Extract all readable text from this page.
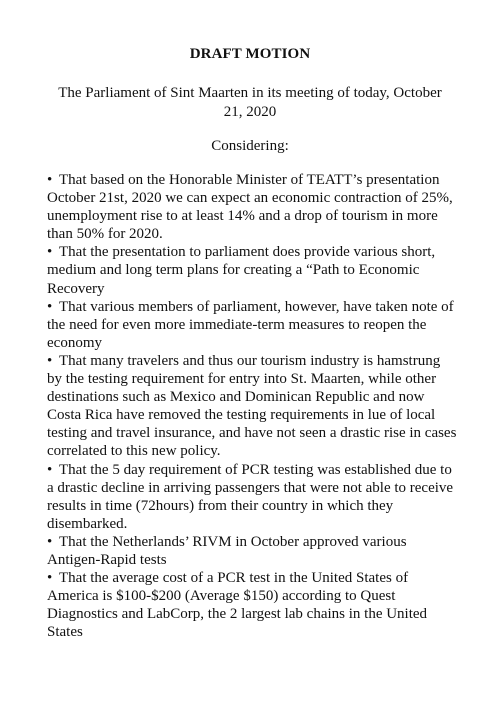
DRAFT MOTION
The Parliament of Sint Maarten in its meeting of today, October 21, 2020
Considering:

• That based on the Honorable Minister of TEATT’s presentation October 21st, 2020 we can expect an economic contraction of 25%, unemployment rise to at least 14% and a drop of tourism in more than 50% for 2020.

• That the presentation to parliament does provide various short, medium and long term plans for creating a “Path to Economic Recovery

• That various members of parliament, however, have taken note of the need for even more immediate-term measures to reopen the economy

• That many travelers and thus our tourism industry is hamstrung by the testing requirement for entry into St. Maarten, while other destinations such as Mexico and Dominican Republic and now Costa Rica have removed the testing requirements in lue of local testing and travel insurance, and have not seen a drastic rise in cases correlated to this new policy.

• That the 5 day requirement of PCR testing was established due to a drastic decline in arriving passengers that were not able to receive results in time (72hours) from their country in which they disembarked.

• That the Netherlands’ RIVM in October approved various Antigen-Rapid tests

• That the average cost of a PCR test in the United States of America is $100-$200 (Average $150) according to Quest Diagnostics and LabCorp, the 2 largest lab chains in the United States
